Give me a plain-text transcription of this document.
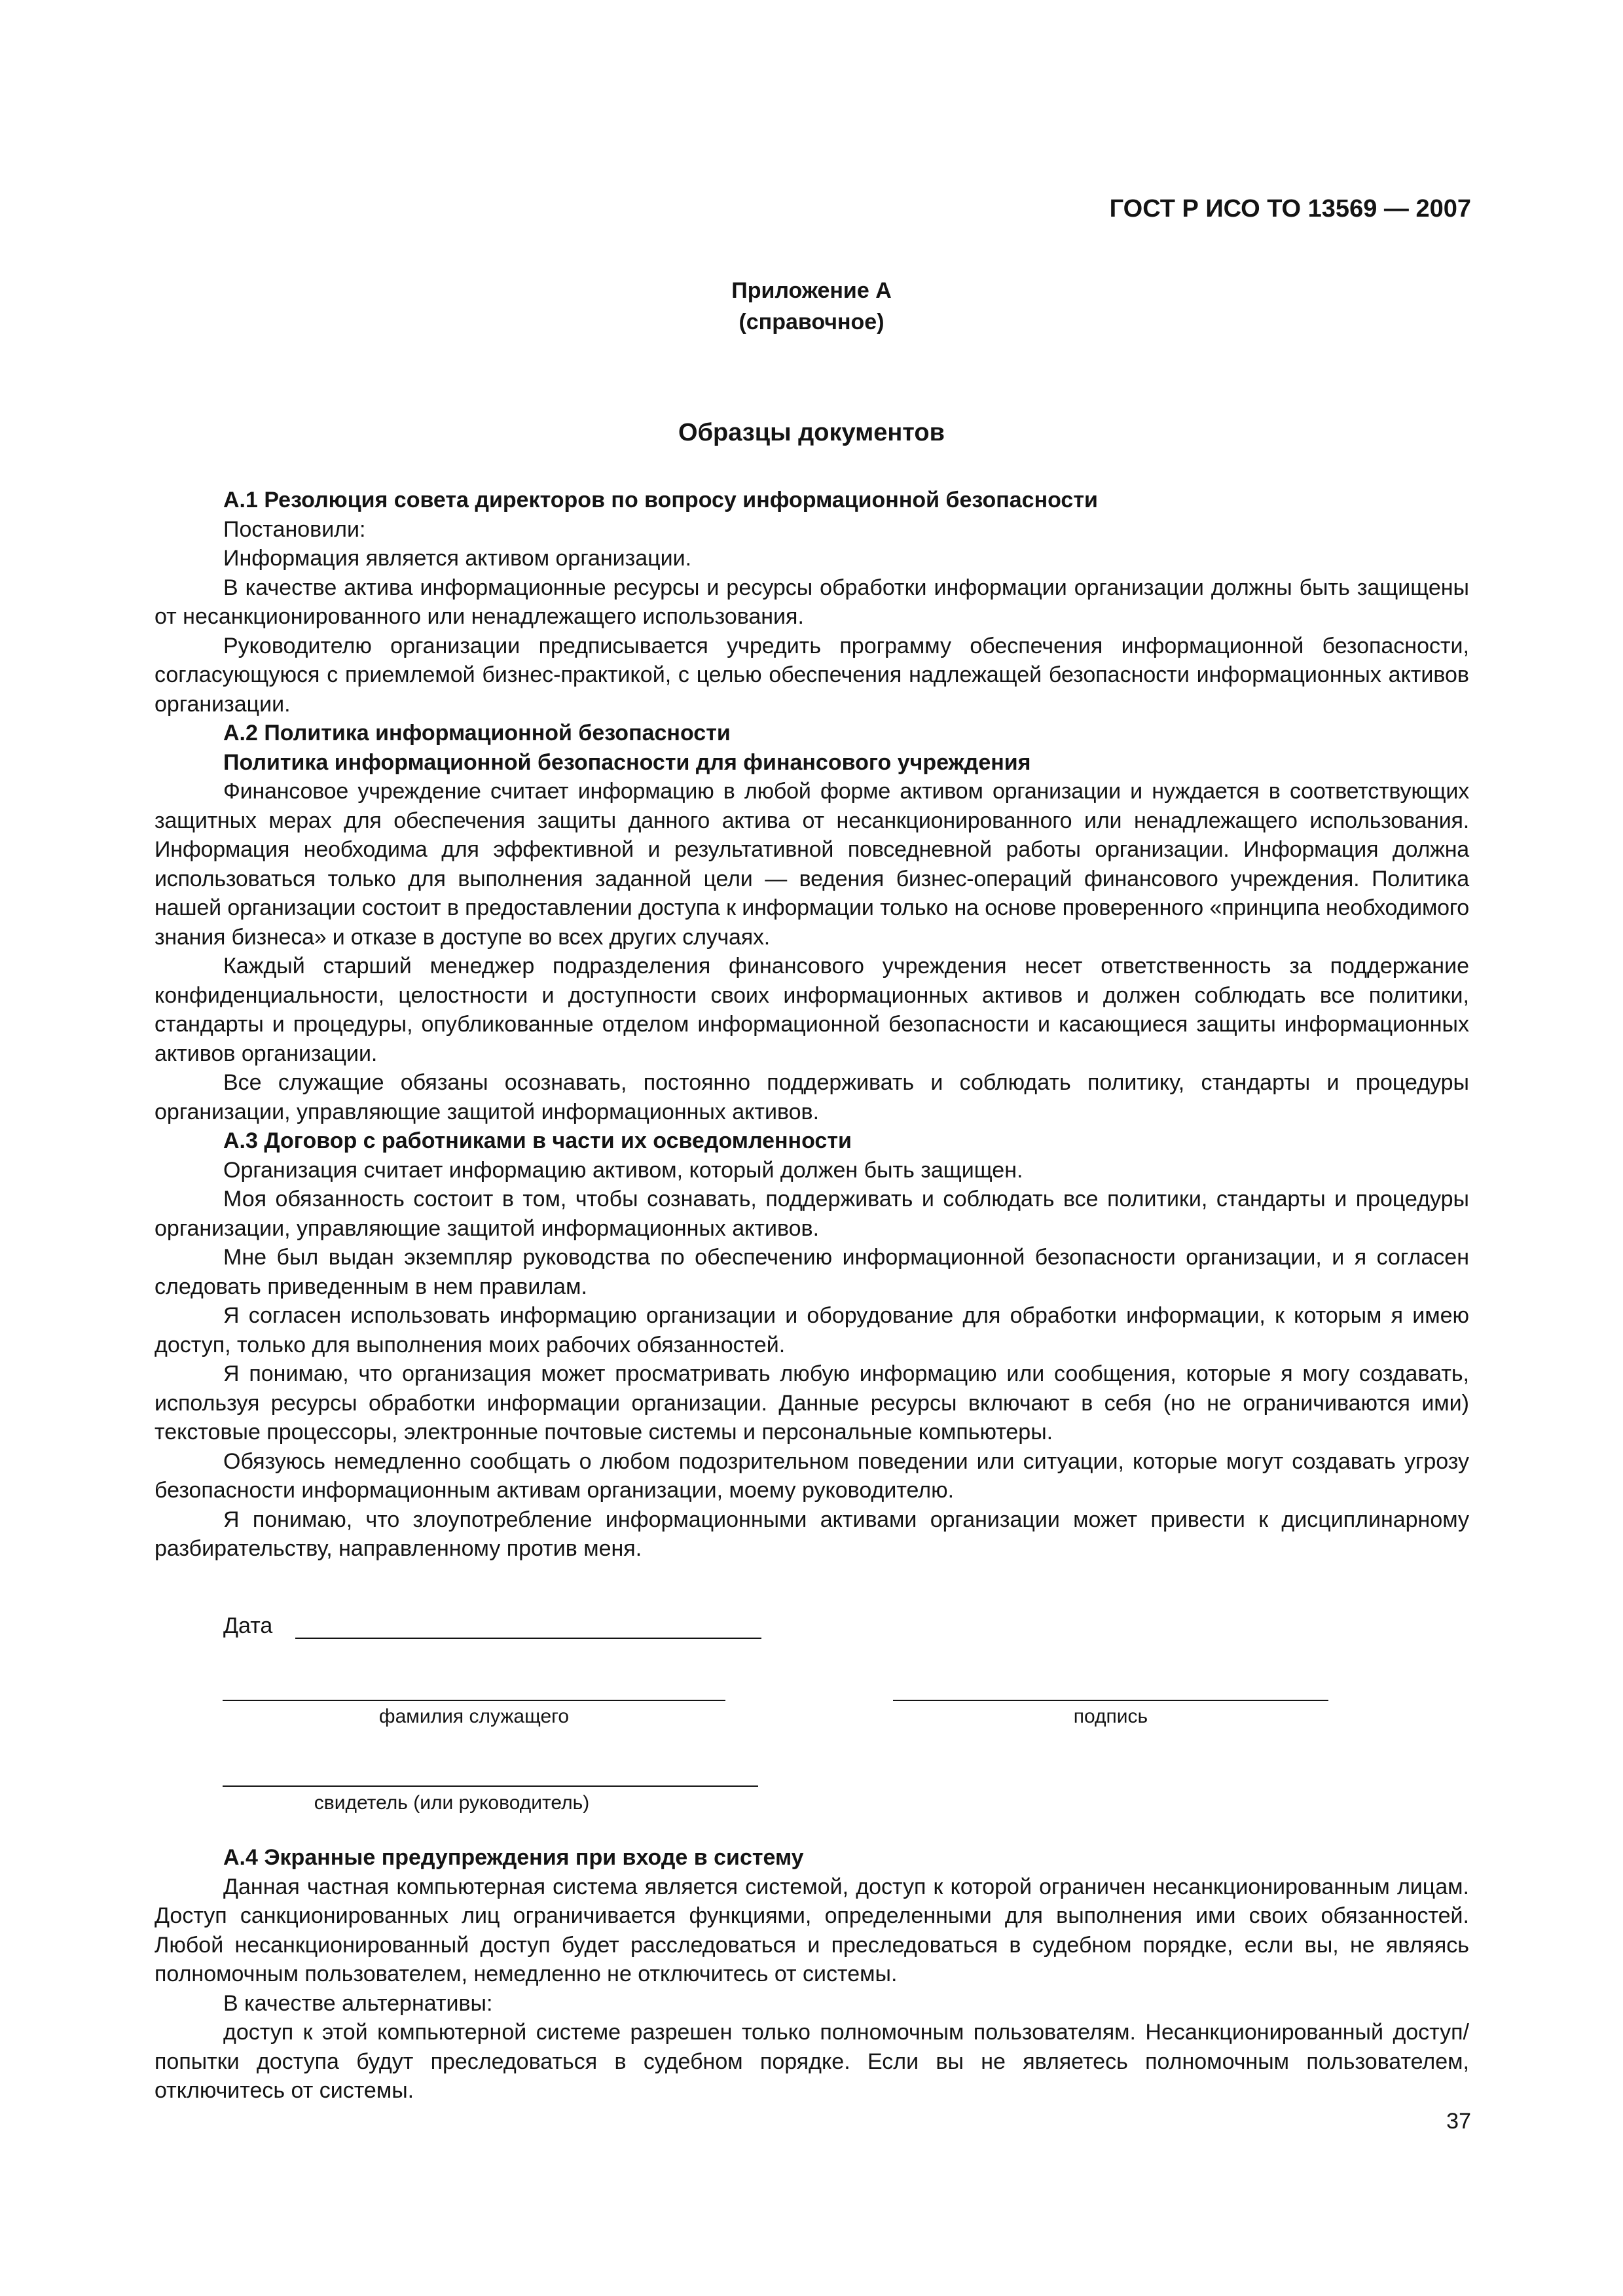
ГОСТ Р ИСО ТО 13569 — 2007
Приложение А
(справочное)
Образцы документов
А.1 Резолюция совета директоров по вопросу информационной безопасности

Постановили:

Информация является активом организации.

В качестве актива информационные ресурсы и ресурсы обработки информации организации должны быть защищены от несанкционированного или ненадлежащего использования.

Руководителю организации предписывается учредить программу обеспечения информационной безопасности, согласующуюся с приемлемой бизнес-практикой, с целью обеспечения надлежащей безопасности информационных активов организации.

А.2 Политика информационной безопасности
Политика информационной безопасности для финансового учреждения

Финансовое учреждение считает информацию в любой форме активом организации и нуждается в соответствующих защитных мерах для обеспечения защиты данного актива от несанкционированного или ненадлежащего использования. Информация необходима для эффективной и результативной повседневной работы организации. Информация должна использоваться только для выполнения заданной цели — ведения бизнес-операций финансового учреждения. Политика нашей организации состоит в предоставлении доступа к информации только на основе проверенного «принципа необходимого знания бизнеса» и отказе в доступе во всех других случаях.

Каждый старший менеджер подразделения финансового учреждения несет ответственность за поддержание конфиденциальности, целостности и доступности своих информационных активов и должен соблюдать все политики, стандарты и процедуры, опубликованные отделом информационной безопасности и касающиеся защиты информационных активов организации.

Все служащие обязаны осознавать, постоянно поддерживать и соблюдать политику, стандарты и процедуры организации, управляющие защитой информационных активов.

А.3 Договор с работниками в части их осведомленности

Организация считает информацию активом, который должен быть защищен.

Моя обязанность состоит в том, чтобы сознавать, поддерживать и соблюдать все политики, стандарты и процедуры организации, управляющие защитой информационных активов.

Мне был выдан экземпляр руководства по обеспечению информационной безопасности организации, и я согласен следовать приведенным в нем правилам.

Я согласен использовать информацию организации и оборудование для обработки информации, к которым я имею доступ, только для выполнения моих рабочих обязанностей.

Я понимаю, что организация может просматривать любую информацию или сообщения, которые я могу создавать, используя ресурсы обработки информации организации. Данные ресурсы включают в себя (но не ограничиваются ими) текстовые процессоры, электронные почтовые системы и персональные компьютеры.

Обязуюсь немедленно сообщать о любом подозрительном поведении или ситуации, которые могут создавать угрозу безопасности информационным активам организации, моему руководителю.

Я понимаю, что злоупотребление информационными активами организации может привести к дисциплинарному разбирательству, направленному против меня.

Дата
фамилия служащего	подпись
свидетель (или руководитель)
А.4 Экранные предупреждения при входе в систему

Данная частная компьютерная система является системой, доступ к которой ограничен несанкционированным лицам. Доступ санкционированных лиц ограничивается функциями, определенными для выполнения ими своих обязанностей. Любой несанкционированный доступ будет расследоваться и преследоваться в судебном порядке, если вы, не являясь полномочным пользователем, немедленно не отключитесь от системы.

В качестве альтернативы:

доступ к этой компьютерной системе разрешен только полномочным пользователям. Несанкционированный доступ/попытки доступа будут преследоваться в судебном порядке. Если вы не являетесь полномочным пользователем, отключитесь от системы.

37
